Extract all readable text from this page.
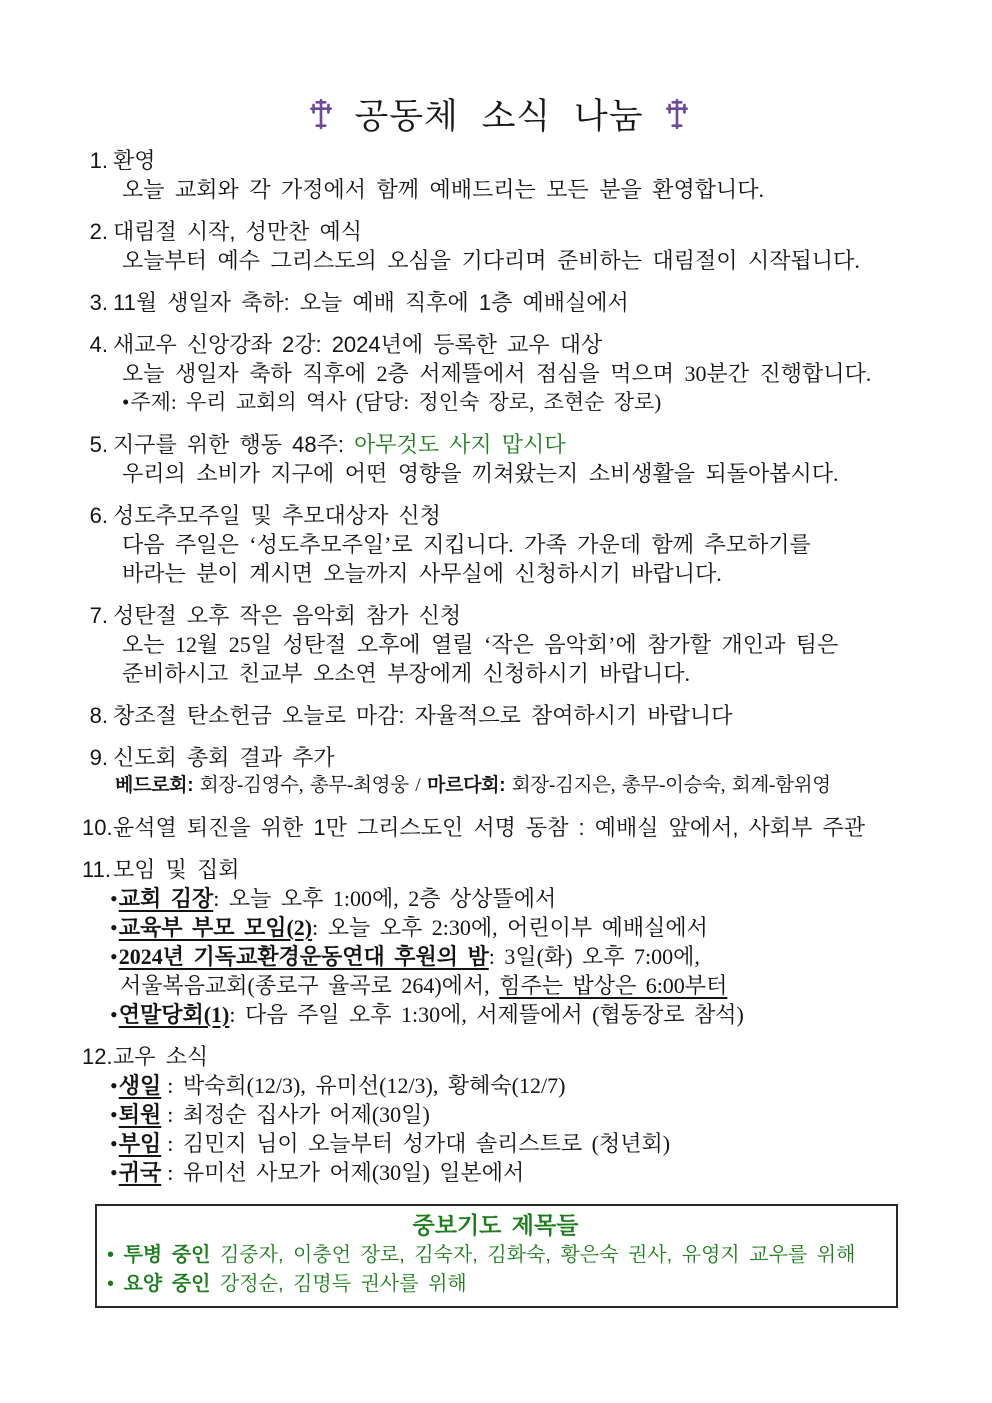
공동체 소식 나눔
1. 환영
오늘 교회와 각 가정에서 함께 예배드리는 모든 분을 환영합니다.
2. 대림절 시작, 성만찬 예식
오늘부터 예수 그리스도의 오심을 기다리며 준비하는 대림절이 시작됩니다.
3. 11월 생일자 축하: 오늘 예배 직후에 1층 예배실에서
4. 새교우 신앙강좌 2강: 2024년에 등록한 교우 대상
오늘 생일자 축하 직후에 2층 서제뜰에서 점심을 먹으며 30분간 진행합니다.
•주제: 우리 교회의 역사 (담당: 정인숙 장로, 조현순 장로)
5. 지구를 위한 행동 48주: 아무것도 사지 맙시다
우리의 소비가 지구에 어떤 영향을 끼쳐왔는지 소비생활을 되돌아봅시다.
6. 성도추모주일 및 추모대상자 신청
다음 주일은 ‘성도추모주일’로 지킵니다. 가족 가운데 함께 추모하기를
바라는 분이 계시면 오늘까지 사무실에 신청하시기 바랍니다.
7. 성탄절 오후 작은 음악회 참가 신청
오는 12월 25일 성탄절 오후에 열릴 ‘작은 음악회’에 참가할 개인과 팀은
준비하시고 친교부 오소연 부장에게 신청하시기 바랍니다.
8. 창조절 탄소헌금 오늘로 마감: 자율적으로 참여하시기 바랍니다
9. 신도회 총회 결과 추가
베드로회: 회장-김영수, 총무-최영웅 / 마르다회: 회장-김지은, 총무-이승숙, 회계-함위영
10. 윤석열 퇴진을 위한 1만 그리스도인 서명 동참 : 예배실 앞에서, 사회부 주관
11. 모임 및 집회
•교회 김장: 오늘 오후 1:00에, 2층 상상뜰에서
•교육부 부모 모임(2): 오늘 오후 2:30에, 어린이부 예배실에서
•2024년 기독교환경운동연대 후원의 밤: 3일(화) 오후 7:00에,
서울복음교회(종로구 율곡로 264)에서, 힘주는 밥상은 6:00부터
•연말당회(1): 다음 주일 오후 1:30에, 서제뜰에서 (협동장로 참석)
12. 교우 소식
•생일 : 박숙희(12/3), 유미선(12/3), 황혜숙(12/7)
•퇴원 : 최정순 집사가 어제(30일)
•부임 : 김민지 님이 오늘부터 성가대 솔리스트로 (청년회)
•귀국 : 유미선 사모가 어제(30일) 일본에서
중보기도 제목들
• 투병 중인 김중자, 이충언 장로, 김숙자, 김화숙, 황은숙 권사, 유영지 교우를 위해
• 요양 중인 강정순, 김명득 권사를 위해
